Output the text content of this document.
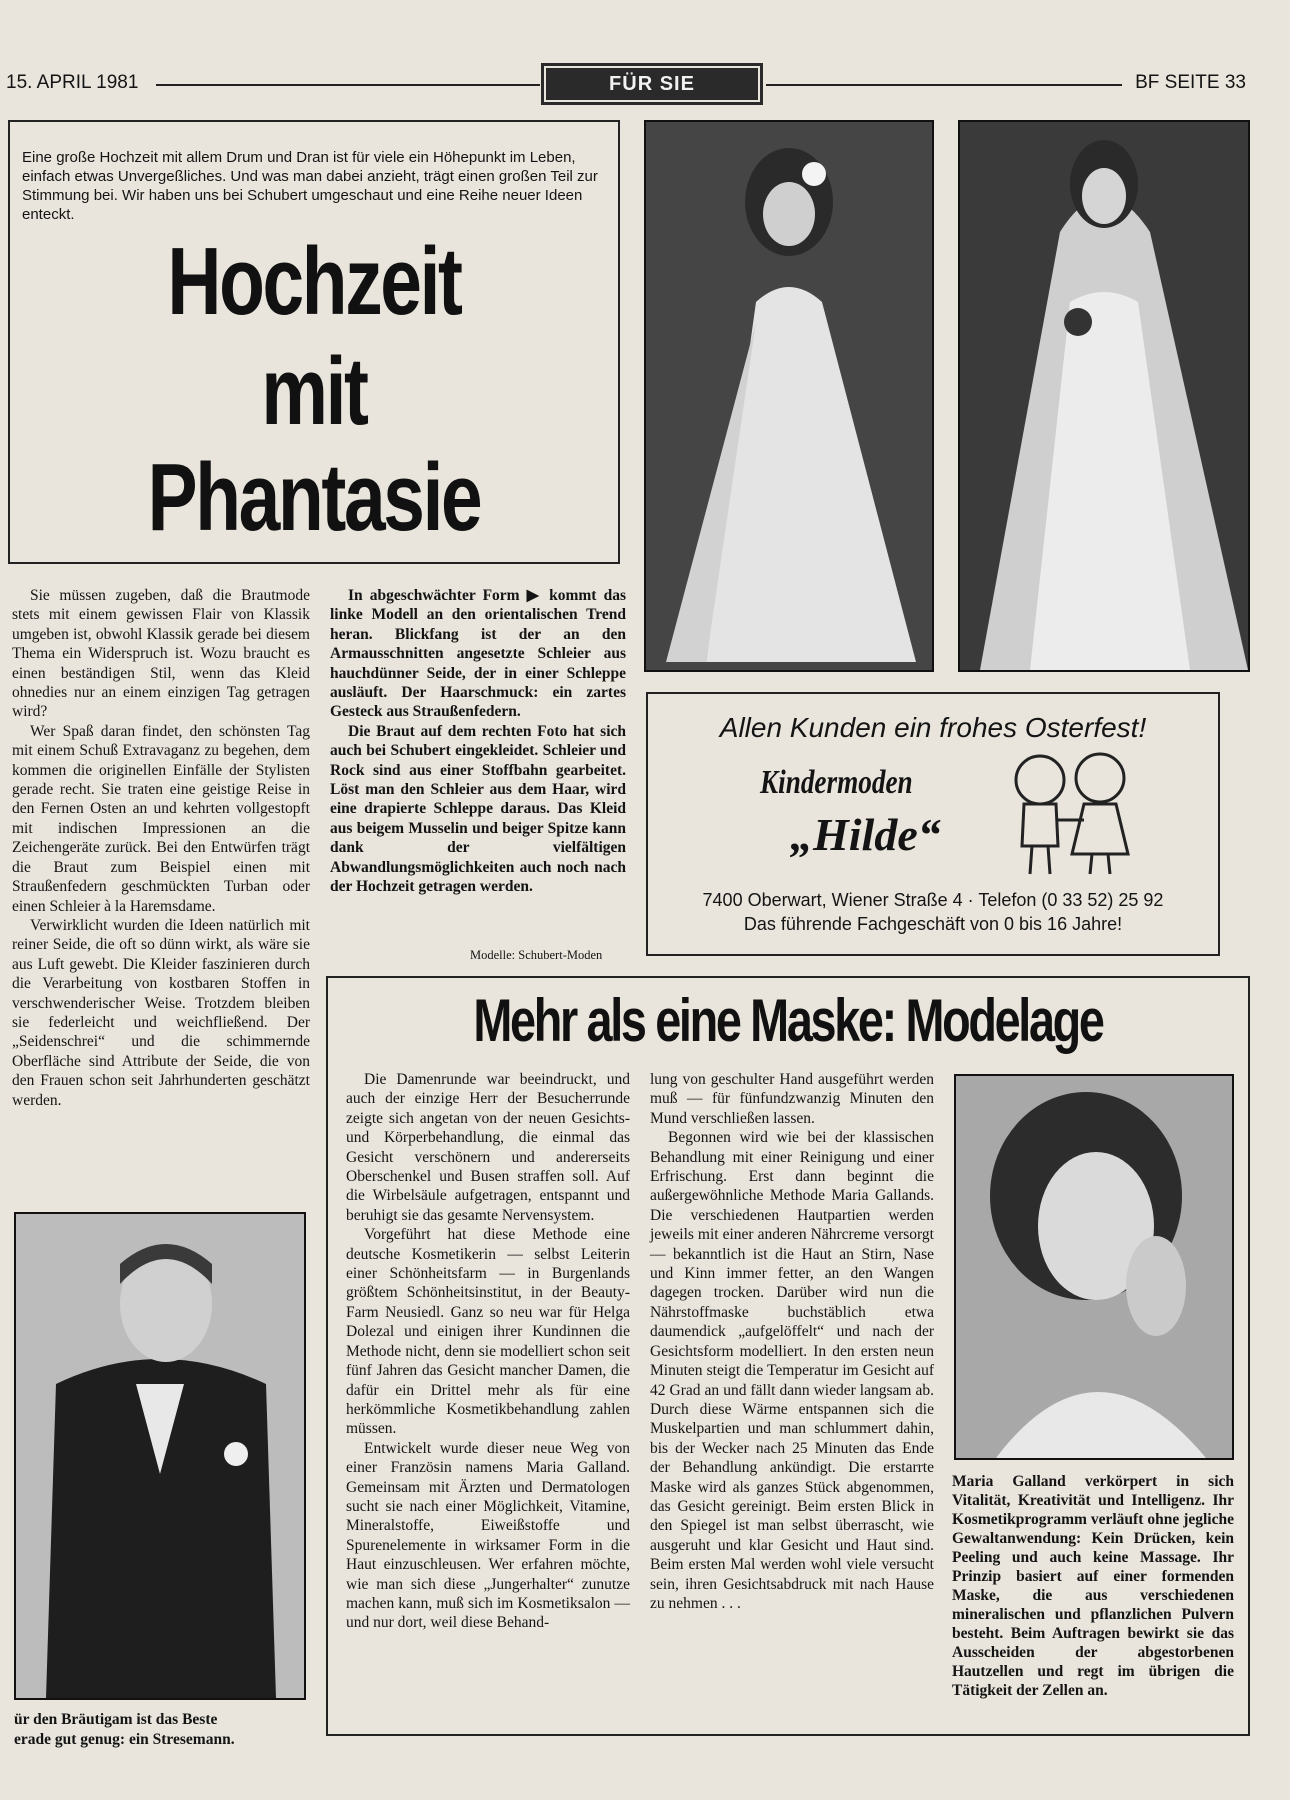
15. APRIL 1981	FÜR SIE	BF SEITE 33
Eine große Hochzeit mit allem Drum und Dran ist für viele ein Höhepunkt im Leben, einfach etwas Unvergeßliches. Und was man dabei anzieht, trägt einen großen Teil zur Stimmung bei. Wir haben uns bei Schubert umgeschaut und eine Reihe neuer Ideen enteckt.
Hochzeit
mit
Phantasie

Sie müssen zugeben, daß die Brautmode stets mit einem gewissen Flair von Klassik umgeben ist, obwohl Klassik gerade bei diesem Thema ein Widerspruch ist. Wozu braucht es einen beständigen Stil, wenn das Kleid ohnedies nur an einem einzigen Tag getragen wird?

Wer Spaß daran findet, den schönsten Tag mit einem Schuß Extravaganz zu begehen, dem kommen die originellen Einfälle der Stylisten gerade recht. Sie traten eine geistige Reise in den Fernen Osten an und kehrten vollgestopft mit indischen Impressionen an die Zeichengeräte zurück. Bei den Entwürfen trägt die Braut zum Beispiel einen mit Straußenfedern geschmückten Turban oder einen Schleier à la Haremsdame.

Verwirklicht wurden die Ideen natürlich mit reiner Seide, die oft so dünn wirkt, als wäre sie aus Luft gewebt. Die Kleider faszinieren durch die Verarbeitung von kostbaren Stoffen in verschwenderischer Weise. Trotzdem bleiben sie federleicht und weichfließend. Der „Seidenschrei“ und die schimmernde Oberfläche sind Attribute der Seide, die von den Frauen schon seit Jahrhunderten geschätzt werden.

In abgeschwächter Form ▶ kommt das linke Modell an den orientalischen Trend heran. Blickfang ist der an den Armausschnitten angesetzte Schleier aus hauchdünner Seide, der in einer Schleppe ausläuft. Der Haarschmuck: ein zartes Gesteck aus Straußenfedern.

Die Braut auf dem rechten Foto hat sich auch bei Schubert eingekleidet. Schleier und Rock sind aus einer Stoffbahn gearbeitet. Löst man den Schleier aus dem Haar, wird eine drapierte Schleppe daraus. Das Kleid aus beigem Musselin und beiger Spitze kann dank der vielfältigen Abwandlungsmöglichkeiten auch noch nach der Hochzeit getragen werden.

Modelle: Schubert-Moden
Allen Kunden ein frohes Osterfest!
Kindermoden
„Hilde“
7400 Oberwart, Wiener Straße 4 · Telefon (0 33 52) 25 92
Das führende Fachgeschäft von 0 bis 16 Jahre!
ür den Bräutigam ist das Beste
erade gut genug: ein Stresemann.
Mehr als eine Maske: Modelage

Die Damenrunde war beeindruckt, und auch der einzige Herr der Besucherrunde zeigte sich angetan von der neuen Gesichts- und Körperbehandlung, die einmal das Gesicht verschönern und andererseits Oberschenkel und Busen straffen soll. Auf die Wirbelsäule aufgetragen, entspannt und beruhigt sie das gesamte Nervensystem.

Vorgeführt hat diese Methode eine deutsche Kosmetikerin — selbst Leiterin einer Schönheitsfarm — in Burgenlands größtem Schönheitsinstitut, in der Beauty-Farm Neusiedl. Ganz so neu war für Helga Dolezal und einigen ihrer Kundinnen die Methode nicht, denn sie modelliert schon seit fünf Jahren das Gesicht mancher Damen, die dafür ein Drittel mehr als für eine herkömmliche Kosmetikbehandlung zahlen müssen.

Entwickelt wurde dieser neue Weg von einer Französin namens Maria Galland. Gemeinsam mit Ärzten und Dermatologen sucht sie nach einer Möglichkeit, Vitamine, Mineralstoffe, Eiweißstoffe und Spurenelemente in wirksamer Form in die Haut einzuschleusen. Wer erfahren möchte, wie man sich diese „Jungerhalter“ zunutze machen kann, muß sich im Kosmetiksalon — und nur dort, weil diese Behand-

lung von geschulter Hand ausgeführt werden muß — für fünfundzwanzig Minuten den Mund verschließen lassen.

Begonnen wird wie bei der klassischen Behandlung mit einer Reinigung und einer Erfrischung. Erst dann beginnt die außergewöhnliche Methode Maria Gallands. Die verschiedenen Hautpartien werden jeweils mit einer anderen Nährcreme versorgt — bekanntlich ist die Haut an Stirn, Nase und Kinn immer fetter, an den Wangen dagegen trocken. Darüber wird nun die Nährstoffmaske buchstäblich etwa daumendick „aufgelöffelt“ und nach der Gesichtsform modelliert. In den ersten neun Minuten steigt die Temperatur im Gesicht auf 42 Grad an und fällt dann wieder langsam ab. Durch diese Wärme entspannen sich die Muskelpartien und man schlummert dahin, bis der Wecker nach 25 Minuten das Ende der Behandlung ankündigt. Die erstarrte Maske wird als ganzes Stück abgenommen, das Gesicht gereinigt. Beim ersten Blick in den Spiegel ist man selbst überrascht, wie ausgeruht und klar Gesicht und Haut sind. Beim ersten Mal werden wohl viele versucht sein, ihren Gesichtsabdruck mit nach Hause zu nehmen . . .

Maria Galland verkörpert in sich Vitalität, Kreativität und Intelligenz. Ihr Kosmetikprogramm verläuft ohne jegliche Gewaltanwendung: Kein Drücken, kein Peeling und auch keine Massage. Ihr Prinzip basiert auf einer formenden Maske, die aus verschiedenen mineralischen und pflanzlichen Pulvern besteht. Beim Auftragen bewirkt sie das Ausscheiden der abgestorbenen Hautzellen und regt im übrigen die Tätigkeit der Zellen an.
